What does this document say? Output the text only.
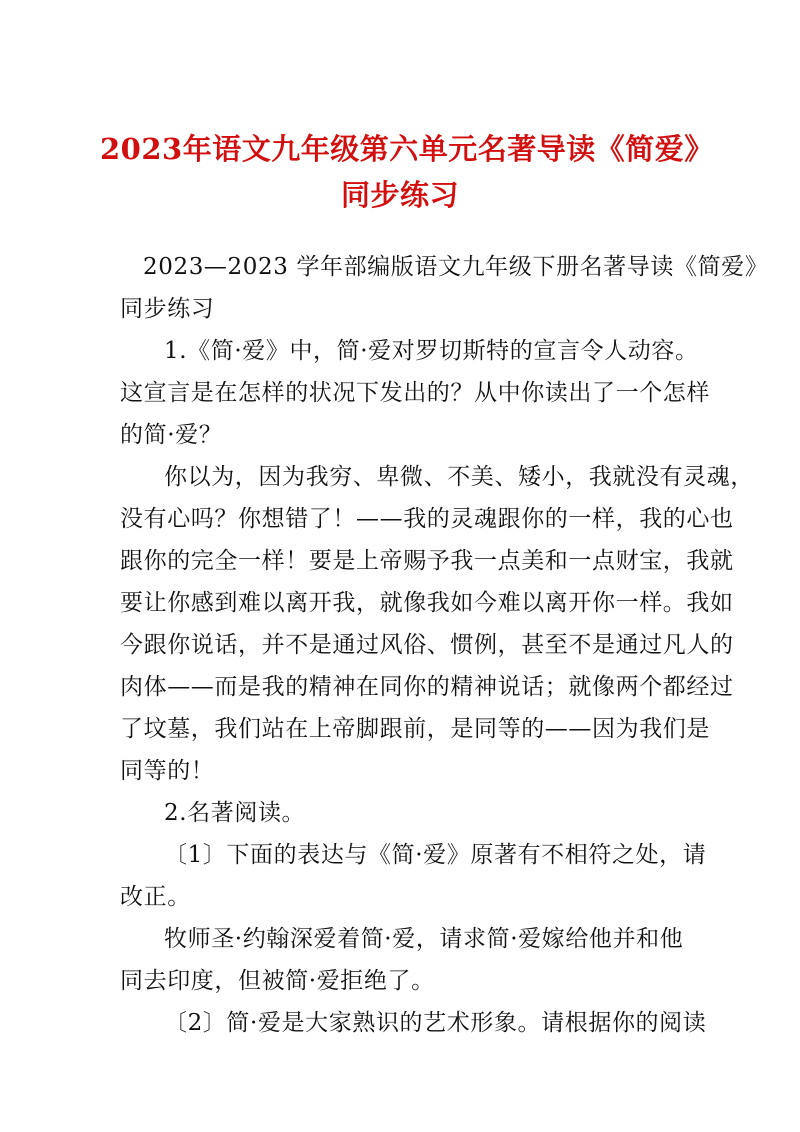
2023年语文九年级第六单元名著导读《简爱》
同步练习
2023—2023 学年部编版语文九年级下册名著导读《简爱》
同步练习
1.《简·爱》中，简·爱对罗切斯特的宣言令人动容。
这宣言是在怎样的状况下发出的？从中你读出了一个怎样
的简·爱？
你以为，因为我穷、卑微、不美、矮小，我就没有灵魂，
没有心吗？你想错了！——我的灵魂跟你的一样，我的心也
跟你的完全一样！要是上帝赐予我一点美和一点财宝，我就
要让你感到难以离开我，就像我如今难以离开你一样。我如
今跟你说话，并不是通过风俗、惯例，甚至不是通过凡人的
肉体——而是我的精神在同你的精神说话；就像两个都经过
了坟墓，我们站在上帝脚跟前，是同等的——因为我们是
同等的！
2.名著阅读。
〔1〕下面的表达与《简·爱》原著有不相符之处，请
改正。
牧师圣·约翰深爱着简·爱，请求简·爱嫁给他并和他
同去印度，但被简·爱拒绝了。
〔2〕简·爱是大家熟识的艺术形象。请根据你的阅读
